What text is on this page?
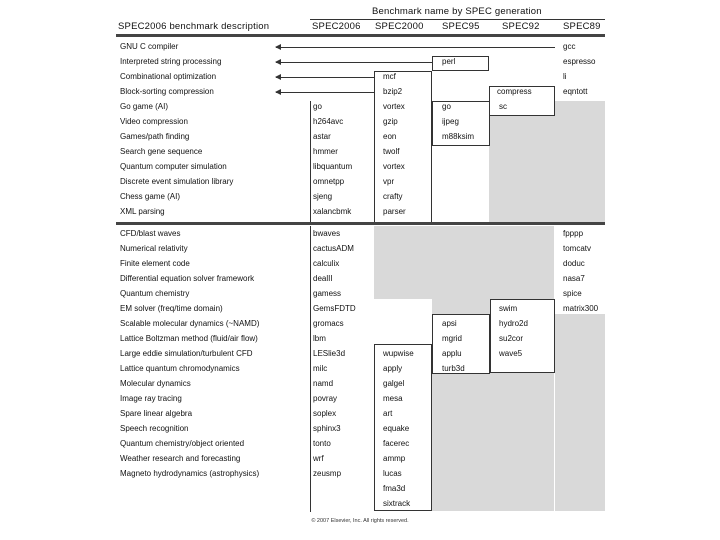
Benchmark name by SPEC generation
SPEC2006 benchmark description	SPEC2006 SPEC2000 SPEC95 SPEC92 SPEC89
GNU C compiler
Interpreted string processing
Combinational optimization
Block-sorting compression
Go game (AI)
Video compression
Games/path finding
Search gene sequence
Quantum computer simulation
Discrete event simulation library
Chess game (AI)
XML parsing
go
h264avc
astar
hmmer
libquantum
omnetpp
sjeng
xalancbmk
mcf
bzip2
vortex
gzip
eon
twolf
vortex
vpr
crafty
parser
perl
go
ijpeg
m88ksim
compress
sc
gcc
espresso
li
eqntott
CFD/blast waves
Numerical relativity
Finite element code
Differential equation solver framework
Quantum chemistry
EM solver (freq/time domain)
Scalable molecular dynamics (~NAMD)
Lattice Boltzman method (fluid/air flow)
Large eddie simulation/turbulent CFD
Lattice quantum chromodynamics
Molecular dynamics
Image ray tracing
Spare linear algebra
Speech recognition
Quantum chemistry/object oriented
Weather research and forecasting
Magneto hydrodynamics (astrophysics)
bwaves
cactusADM
calculix
dealII
gamess
GemsFDTD
gromacs
lbm
LESlie3d
milc
namd
povray
soplex
sphinx3
tonto
wrf
zeusmp
wupwise
apply
galgel
mesa
art
equake
facerec
ammp
lucas
fma3d
sixtrack
apsi
mgrid
applu
turb3d
swim
hydro2d
su2cor
wave5
fpppp
tomcatv
doduc
nasa7
spice
matrix300
© 2007 Elsevier, Inc. All rights reserved.
